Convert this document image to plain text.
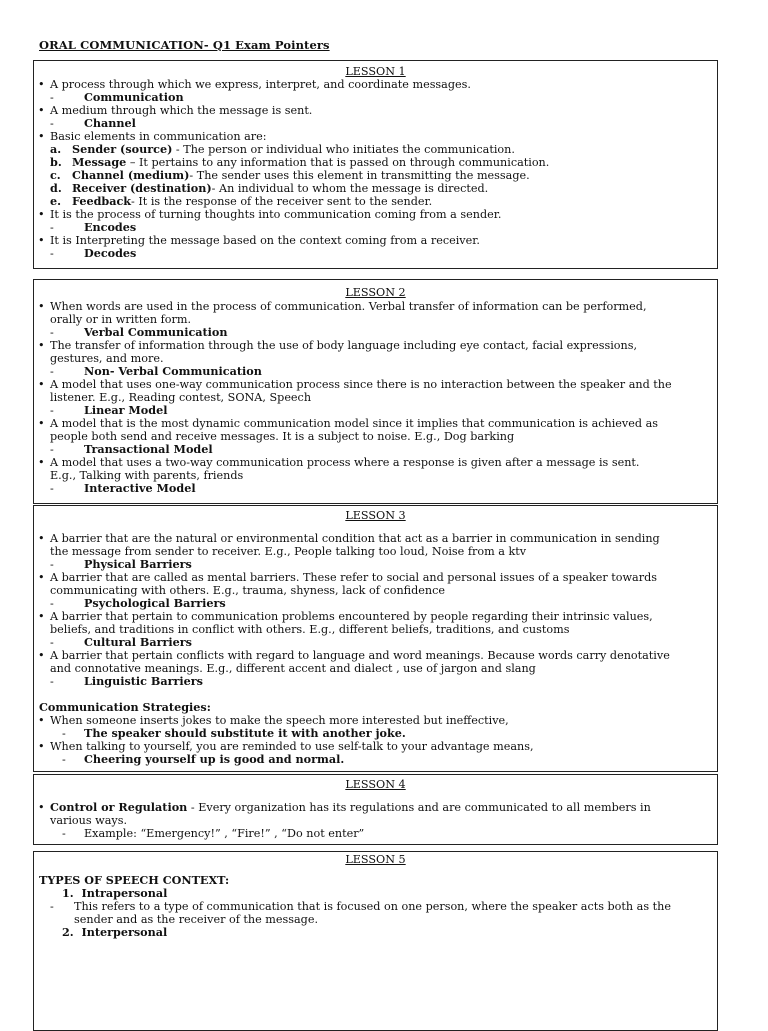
ORAL COMMUNICATION- Q1 Exam Pointers
LESSON 1
• A process through which we express, interpret, and coordinate messages.
-	Communication
• A medium through which the message is sent.
-	Channel
• Basic elements in communication are:
a. Sender (source) - The person or individual who initiates the communication.
b. Message – It pertains to any information that is passed on through communication.
c. Channel (medium)- The sender uses this element in transmitting the message.
d. Receiver (destination)- An individual to whom the message is directed.
e. Feedback- It is the response of the receiver sent to the sender.
• It is the process of turning thoughts into communication coming from a sender.
-	Encodes
• It is Interpreting the message based on the context coming from a receiver.
-	Decodes
LESSON 2
• When words are used in the process of communication. Verbal transfer of information can be performed,
orally or in written form.
-	Verbal Communication
• The transfer of information through the use of body language including eye contact, facial expressions,
gestures, and more.
-	Non- Verbal Communication
• A model that uses one-way communication process since there is no interaction between the speaker and the
listener. E.g., Reading contest, SONA, Speech
-	Linear Model
• A model that is the most dynamic communication model since it implies that communication is achieved as
people both send and receive messages. It is a subject to noise. E.g., Dog barking
-	Transactional Model
• A model that uses a two-way communication process where a response is given after a message is sent.
E.g., Talking with parents, friends
-	Interactive Model
LESSON 3
• A barrier that are the natural or environmental condition that act as a barrier in communication in sending
the message from sender to receiver. E.g., People talking too loud, Noise from a ktv
-	Physical Barriers
• A barrier that are called as mental barriers. These refer to social and personal issues of a speaker towards
communicating with others. E.g., trauma, shyness, lack of confidence
-	Psychological Barriers
• A barrier that pertain to communication problems encountered by people regarding their intrinsic values,
beliefs, and traditions in conflict with others. E.g., different beliefs, traditions, and customs
-	Cultural Barriers
• A barrier that pertain conflicts with regard to language and word meanings. Because words carry denotative
and connotative meanings. E.g., different accent and dialect , use of jargon and slang
-	Linguistic Barriers
Communication Strategies:
• When someone inserts jokes to make the speech more interested but ineffective,
- The speaker should substitute it with another joke.
• When talking to yourself, you are reminded to use self-talk to your advantage means,
- Cheering yourself up is good and normal.
LESSON 4
• Control or Regulation - Every organization has its regulations and are communicated to all members in
various ways.
- Example: “Emergency!” , “Fire!” , “Do not enter”
LESSON 5
TYPES OF SPEECH CONTEXT:
1. Intrapersonal
- This refers to a type of communication that is focused on one person, where the speaker acts both as the
sender and as the receiver of the message.
2. Interpersonal
